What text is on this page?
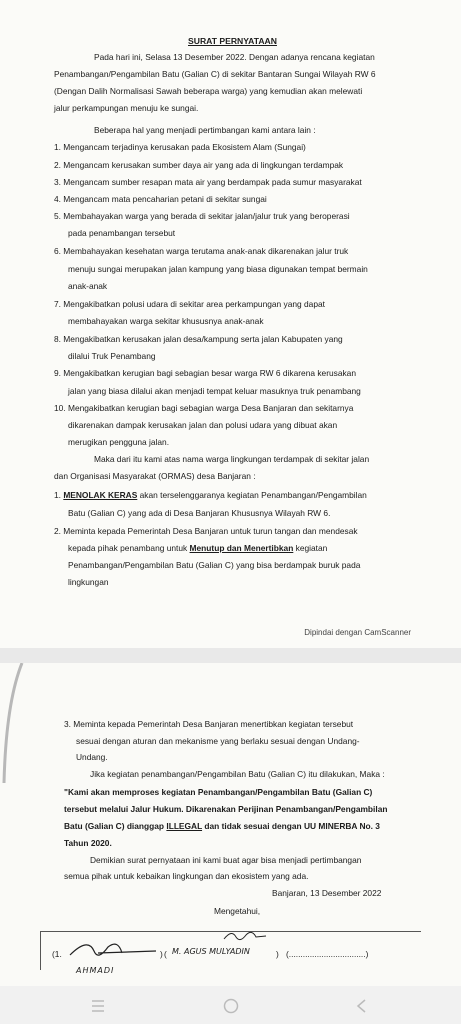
SURAT PERNYATAAN
Pada hari ini, Selasa 13 Desember 2022. Dengan adanya rencana kegiatan
Penambangan/Pengambilan Batu (Galian C) di sekitar Bantaran Sungai Wilayah RW 6
(Dengan Dalih Normalisasi Sawah beberapa warga) yang kemudian akan melewati
jalur perkampungan menuju ke sungai.
Beberapa hal yang menjadi pertimbangan kami antara lain :
1. Mengancam terjadinya kerusakan pada Ekosistem Alam (Sungai)
2. Mengancam kerusakan sumber daya air yang ada di lingkungan terdampak
3. Mengancam sumber resapan mata air yang berdampak pada sumur masyarakat
4. Mengancam mata pencaharian petani di sekitar sungai
5. Membahayakan warga yang berada di sekitar jalan/jalur truk yang beroperasi
pada penambangan tersebut
6. Membahayakan kesehatan warga terutama anak-anak dikarenakan jalur truk
menuju sungai merupakan jalan kampung yang biasa digunakan tempat bermain
anak-anak
7. Mengakibatkan polusi udara di sekitar area perkampungan yang dapat
membahayakan warga sekitar khususnya anak-anak
8. Mengakibatkan kerusakan jalan desa/kampung serta jalan Kabupaten yang
dilalui Truk Penambang
9. Mengakibatkan kerugian bagi sebagian besar warga RW 6 dikarena kerusakan
jalan yang biasa dilalui akan menjadi tempat keluar masuknya truk penambang
10. Mengakibatkan kerugian bagi sebagian warga Desa Banjaran dan sekitarnya
dikarenakan dampak kerusakan jalan dan polusi udara yang dibuat akan
merugikan pengguna jalan.
Maka dari itu kami atas nama warga lingkungan terdampak di sekitar jalan
dan Organisasi Masyarakat (ORMAS) desa Banjaran :
1. MENOLAK KERAS akan terselenggaranya kegiatan Penambangan/Pengambilan
Batu (Galian C) yang ada di Desa Banjaran Khususnya Wilayah RW 6.
2. Meminta kepada Pemerintah Desa Banjaran untuk turun tangan dan mendesak
kepada pihak penambang untuk Menutup dan Menertibkan kegiatan
Penambangan/Pengambilan Batu (Galian C) yang bisa berdampak buruk pada
lingkungan
Dipindai dengan CamScanner
3. Meminta kepada Pemerintah Desa Banjaran menertibkan kegiatan tersebut
sesuai dengan aturan dan mekanisme yang berlaku sesuai dengan Undang-
Undang.
Jika kegiatan penambangan/Pengambilan Batu (Galian C) itu dilakukan, Maka :
"Kami akan memproses kegiatan Penambangan/Pengambilan Batu (Galian C)
tersebut melalui Jalur Hukum. Dikarenakan Perijinan Penambangan/Pengambilan
Batu (Galian C) dianggap ILLEGAL dan tidak sesuai dengan UU MINERBA No. 3
Tahun 2020.
Demikian surat pernyataan ini kami buat agar bisa menjadi pertimbangan
semua pihak untuk kebaikan lingkungan dan ekosistem yang ada.
Banjaran, 13 Desember 2022
Mengetahui,
(1.	)
AHMADI
( M. AGUS MULYADIN	) (.................................)
